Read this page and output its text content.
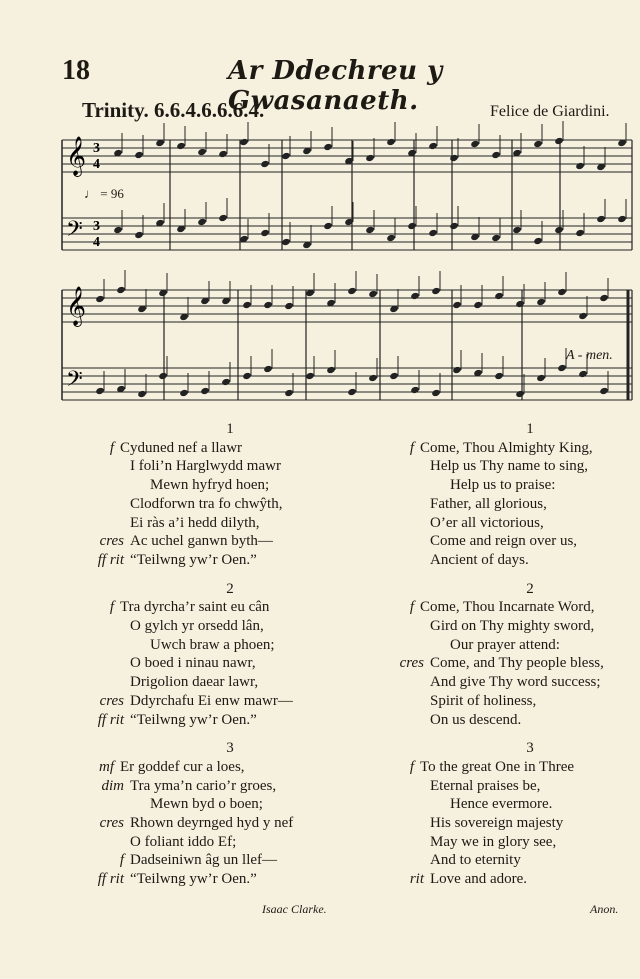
18	Ar Ddechreu y Gwasanaeth.
Trinity. 6.6.4.6.6.6.4.	Felice de Giardini.
♩ = 96
A - men.
𝄞
𝄢
3
4
3
4
𝄞
𝄢
1
f Cyduned nef a llawr
I foli’n Harglwydd mawr
Mewn hyfryd hoen;
Clodforwn tra fo chwŷth,
Ei ràs a’i hedd dilyth,
cres Ac uchel ganwn byth—
ff rit “Teilwng yw’r Oen.”
2
f Tra dyrcha’r saint eu cân
O gylch yr orsedd lân,
Uwch braw a phoen;
O boed i ninau nawr,
Drigolion daear lawr,
cres Ddyrchafu Ei enw mawr—
ff rit “Teilwng yw’r Oen.”
3
mf Er goddef cur a loes,
dim Tra yma’n cario’r groes,
Mewn byd o boen;
cres Rhown deyrnged hyd y nef
O foliant iddo Ef;
f Dadseiniwn âg un llef—
ff rit “Teilwng yw’r Oen.”
1
f Come, Thou Almighty King,
Help us Thy name to sing,
Help us to praise:
Father, all glorious,
O’er all victorious,
Come and reign over us,
Ancient of days.
2
f Come, Thou Incarnate Word,
Gird on Thy mighty sword,
Our prayer attend:
cres Come, and Thy people bless,
And give Thy word success;
Spirit of holiness,
On us descend.
3
f To the great One in Three
Eternal praises be,
Hence evermore.
His sovereign majesty
May we in glory see,
And to eternity
rit Love and adore.
Isaac Clarke.	Anon.
